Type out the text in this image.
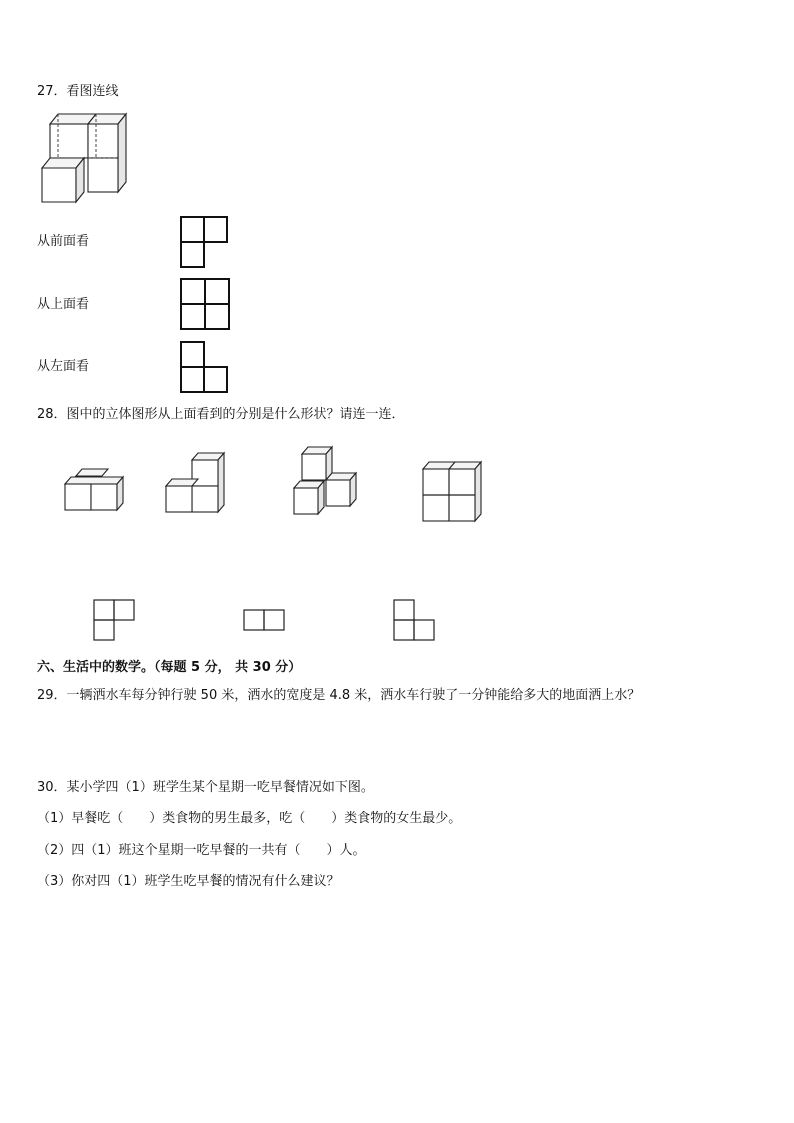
27．看图连线
从前面看
从上面看
从左面看
28．图中的立体图形从上面看到的分别是什么形状？请连一连．
六、生活中的数学。（每题 5 分， 共 30 分）
29．一辆洒水车每分钟行驶 50 米，洒水的宽度是 4.8 米，洒水车行驶了一分钟能给多大的地面洒上水？
30．某小学四（1）班学生某个星期一吃早餐情况如下图。
（1）早餐吃（　　）类食物的男生最多，吃（　　）类食物的女生最少。
（2）四（1）班这个星期一吃早餐的一共有（　　）人。
（3）你对四（1）班学生吃早餐的情况有什么建议？
